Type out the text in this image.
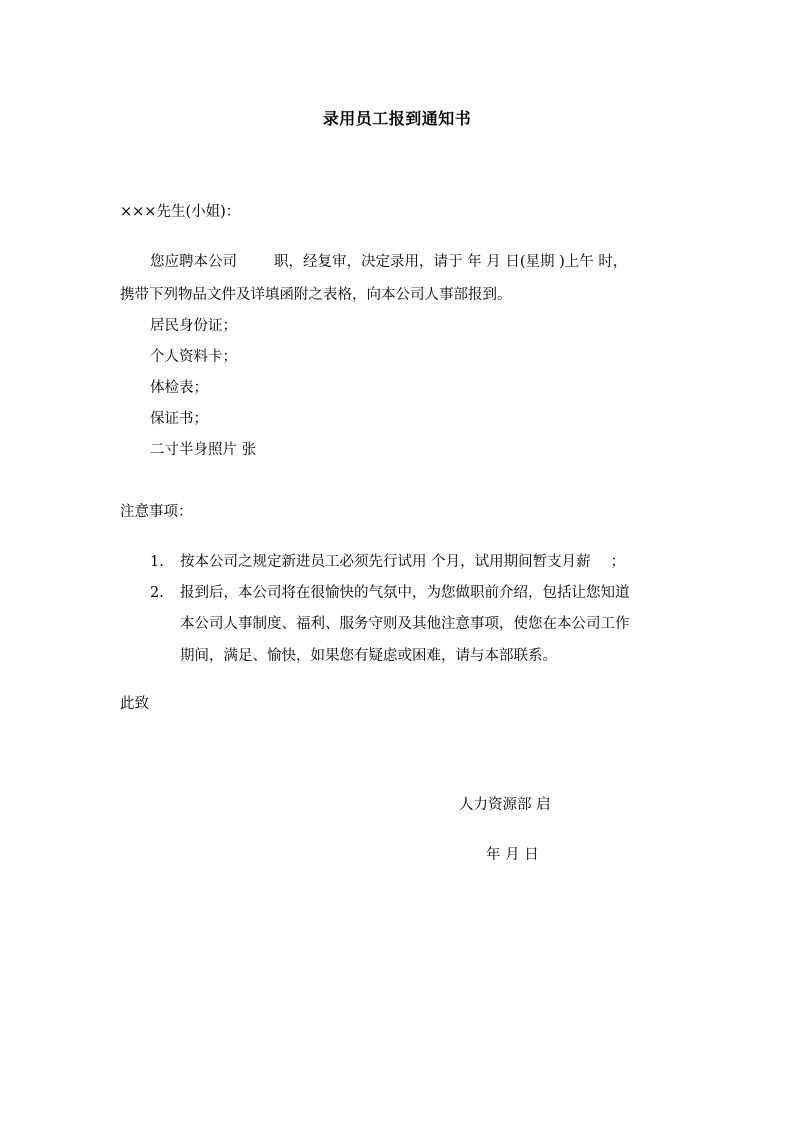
录用员工报到通知书
×××先生(小姐)：
您应聘本公司	职，经复审，决定录用，请于 年 月 日(星期 )上午 时，
携带下列物品文件及详填函附之表格，向本公司人事部报到。
居民身份证；
个人资料卡；
体检表；
保证书；
二寸半身照片 张
注意事项：
1. 按本公司之规定新进员工必须先行试用 个月，试用期间暂支月薪 ；
2. 报到后，本公司将在很愉快的气氛中，为您做职前介绍，包括让您知道
本公司人事制度、福利、服务守则及其他注意事项，使您在本公司工作
期间，满足、愉快，如果您有疑虑或困难，请与本部联系。
此致
人力资源部 启
年 月 日
